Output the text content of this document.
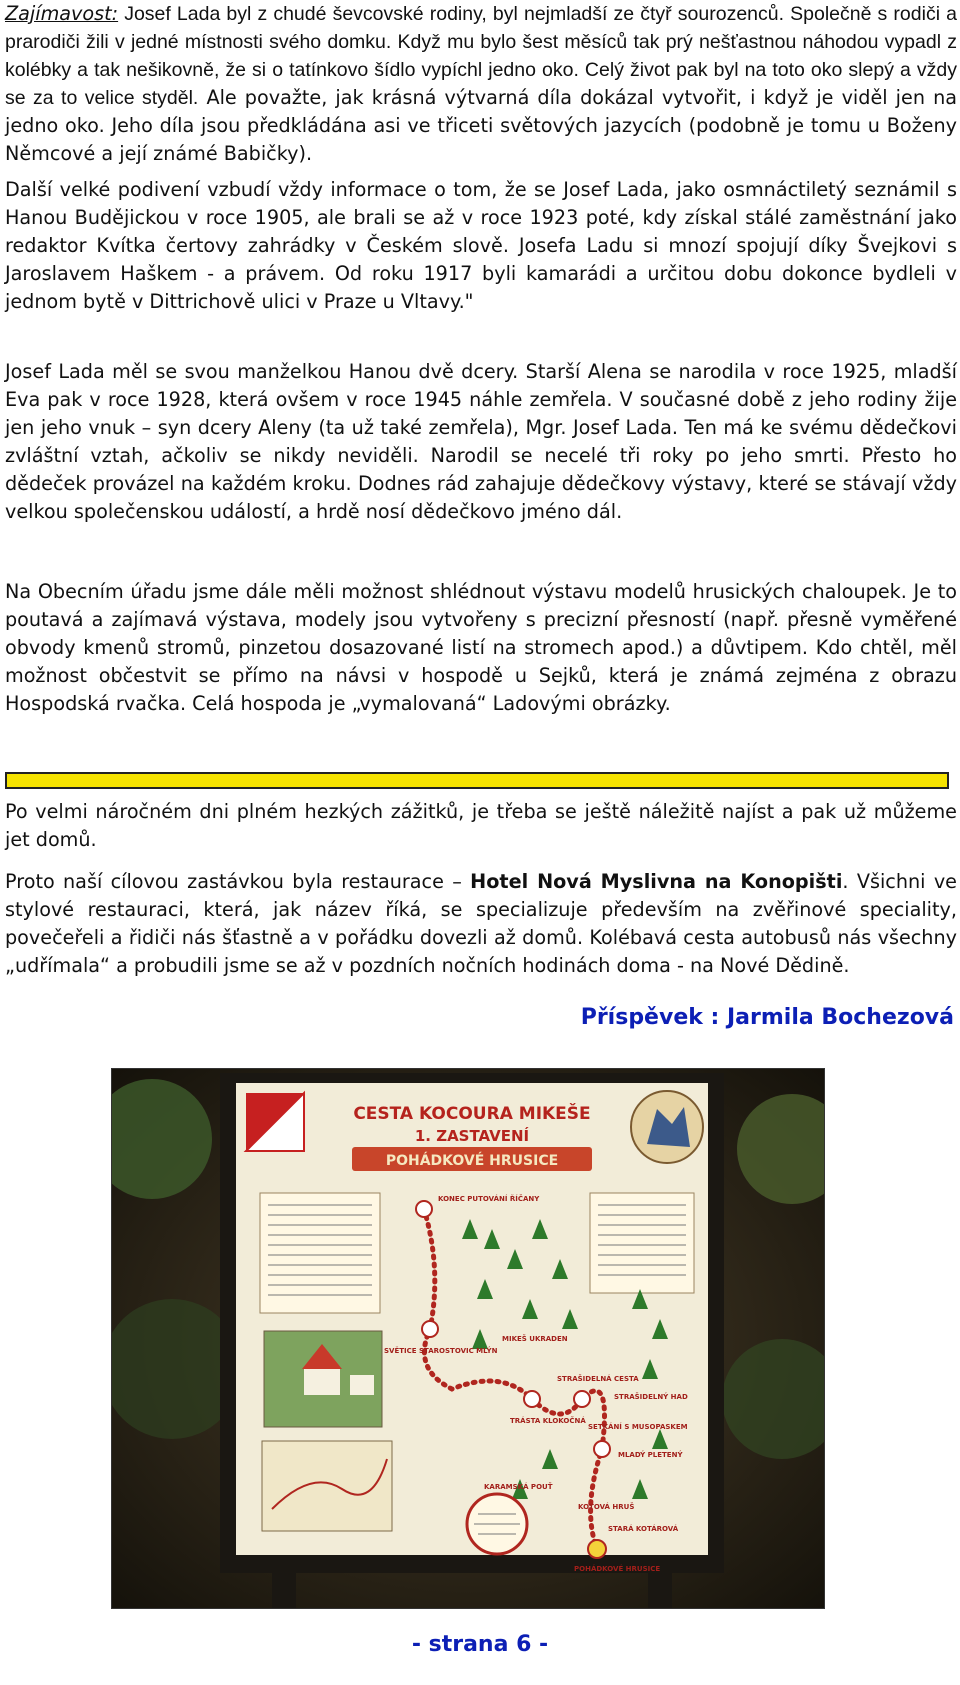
Zajímavost: Josef Lada byl z chudé ševcovské rodiny, byl nejmladší ze čtyř sourozenců. Společně s rodiči a prarodiči žili v jedné místnosti svého domku. Když mu bylo šest měsíců tak prý nešťastnou náhodou vypadl z kolébky a tak nešikovně, že si o tatínkovo šídlo vypíchl jedno oko. Celý život pak byl na toto oko slepý a vždy se za to velice styděl. Ale považte, jak krásná výtvarná díla dokázal vytvořit, i když je viděl jen na jedno oko. Jeho díla jsou předkládána asi ve třiceti světových jazycích (podobně je tomu u Boženy Němcové a její známé Babičky).

Další velké podivení vzbudí vždy informace o tom, že se Josef Lada, jako osmnáctiletý seznámil s Hanou Budějickou v roce 1905, ale brali se až v roce 1923 poté, kdy získal stálé zaměstnání jako redaktor Kvítka čertovy zahrádky v Českém slově. Josefa Ladu si mnozí spojují díky Švejkovi s Jaroslavem Haškem - a právem. Od roku 1917 byli kamarádi a určitou dobu dokonce bydleli v jednom bytě v Dittrichově ulici v Praze u Vltavy."

Josef Lada měl se svou manželkou Hanou dvě dcery. Starší Alena se narodila v roce 1925, mladší Eva pak v roce 1928, která ovšem v roce 1945 náhle zemřela. V současné době z jeho rodiny žije jen jeho vnuk – syn dcery Aleny (ta už také zemřela), Mgr. Josef Lada. Ten má ke svému dědečkovi zvláštní vztah, ačkoliv se nikdy neviděli. Narodil se necelé tři roky po jeho smrti. Přesto ho dědeček provázel na každém kroku. Dodnes rád zahajuje dědečkovy výstavy, které se stávají vždy velkou společenskou událostí, a hrdě nosí dědečkovo jméno dál.

Na Obecním úřadu jsme dále měli možnost shlédnout výstavu modelů hrusických chaloupek. Je to poutavá a zajímavá výstava, modely jsou vytvořeny s precizní přesností (např. přesně vyměřené obvody kmenů stromů, pinzetou dosazované listí na stromech apod.) a důvtipem. Kdo chtěl, měl možnost občestvit se přímo na návsi v hospodě u Sejků, která je známá zejména z obrazu Hospodská rvačka. Celá hospoda je „vymalovaná“ Ladovými obrázky.

Po velmi náročném dni plném hezkých zážitků, je třeba se ještě náležitě najíst a pak už můžeme jet domů.

Proto naší cílovou zastávkou byla restaurace – Hotel Nová Myslivna na Konopišti. Všichni ve stylové restauraci, která, jak název říká, se specializuje především na zvěřinové speciality, povečeřeli a řidiči nás šťastně a v pořádku dovezli až domů. Kolébavá cesta autobusů nás všechny „udřímala“ a probudili jsme se až v pozdních nočních hodinách doma - na Nové Dědině.

Příspěvek : Jarmila Bochezová
CESTA KOCOURA MIKEŠE
1. ZASTAVENÍ
POHÁDKOVÉ HRUSICE
KONEC PUTOVÁNÍ ŘÍČANY
SVĚTICE STAROSTOVIC MLÝN
MIKEŠ UKRADEN
STRAŠIDELNÁ CESTA
TRÁSTA KLOKOČNÁ
STRAŠIDELNÝ HAD
SETKÁNÍ S MUSOPASKEM
MLADÝ PLETENÝ
KARAMSKÁ POUŤ
KOTOVÁ HRUŠ
STARÁ KOTÁROVÁ
POHÁDKOVÉ HRUSICE
- strana 6 -
